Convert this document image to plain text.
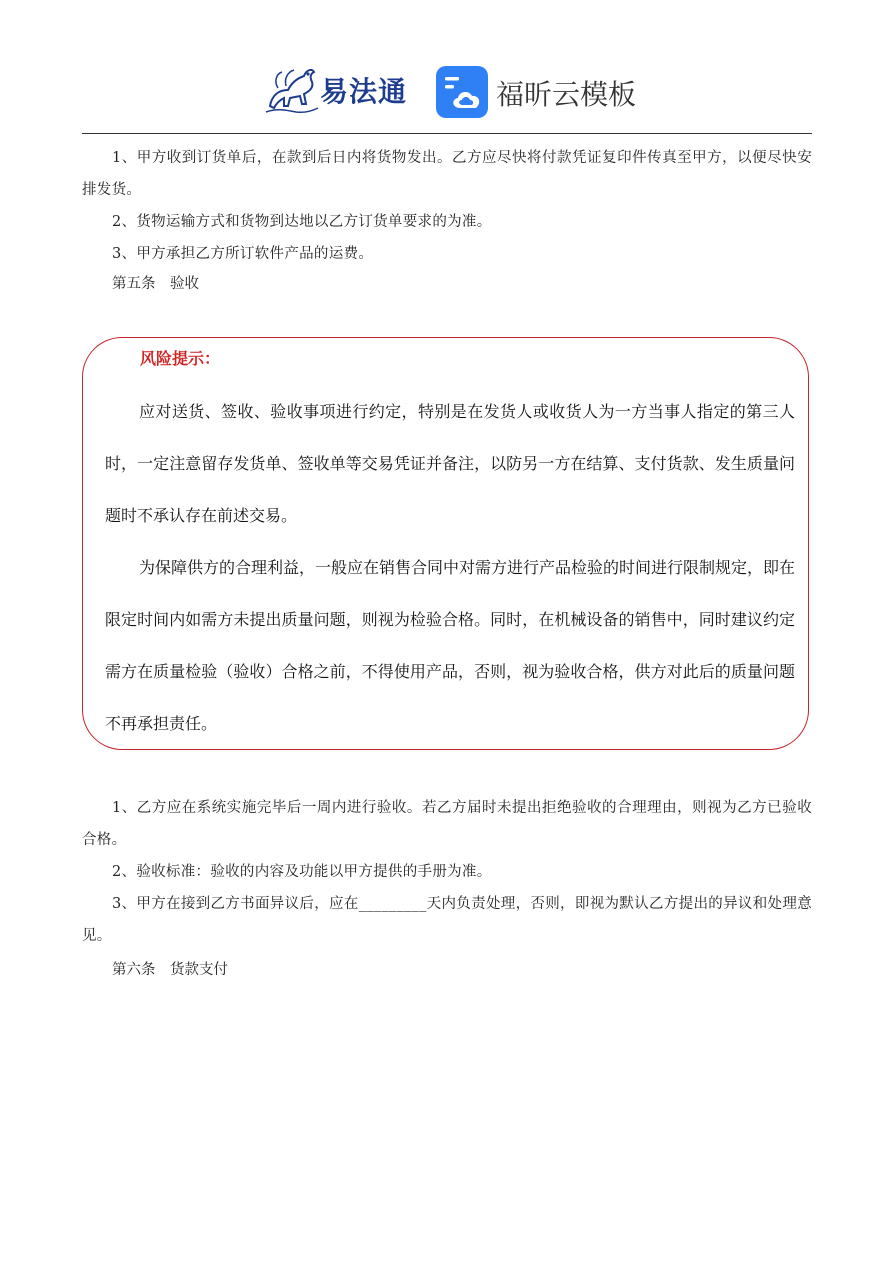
易法通	福昕云模板
1、甲方收到订货单后，在款到后日内将货物发出。乙方应尽快将付款凭证复印件传真至甲方，以便尽快安排发货。
2、货物运输方式和货物到达地以乙方订货单要求的为准。
3、甲方承担乙方所订软件产品的运费。
第五条　验收
风险提示：
应对送货、签收、验收事项进行约定，特别是在发货人或收货人为一方当事人指定的第三人时，一定注意留存发货单、签收单等交易凭证并备注，以防另一方在结算、支付货款、发生质量问题时不承认存在前述交易。
为保障供方的合理利益，一般应在销售合同中对需方进行产品检验的时间进行限制规定，即在限定时间内如需方未提出质量问题，则视为检验合格。同时，在机械设备的销售中，同时建议约定需方在质量检验（验收）合格之前，不得使用产品，否则，视为验收合格，供方对此后的质量问题不再承担责任。
1、乙方应在系统实施完毕后一周内进行验收。若乙方届时未提出拒绝验收的合理理由，则视为乙方已验收合格。
2、验收标准：验收的内容及功能以甲方提供的手册为准。
3、甲方在接到乙方书面异议后，应在_________天内负责处理，否则，即视为默认乙方提出的异议和处理意见。
第六条　货款支付
